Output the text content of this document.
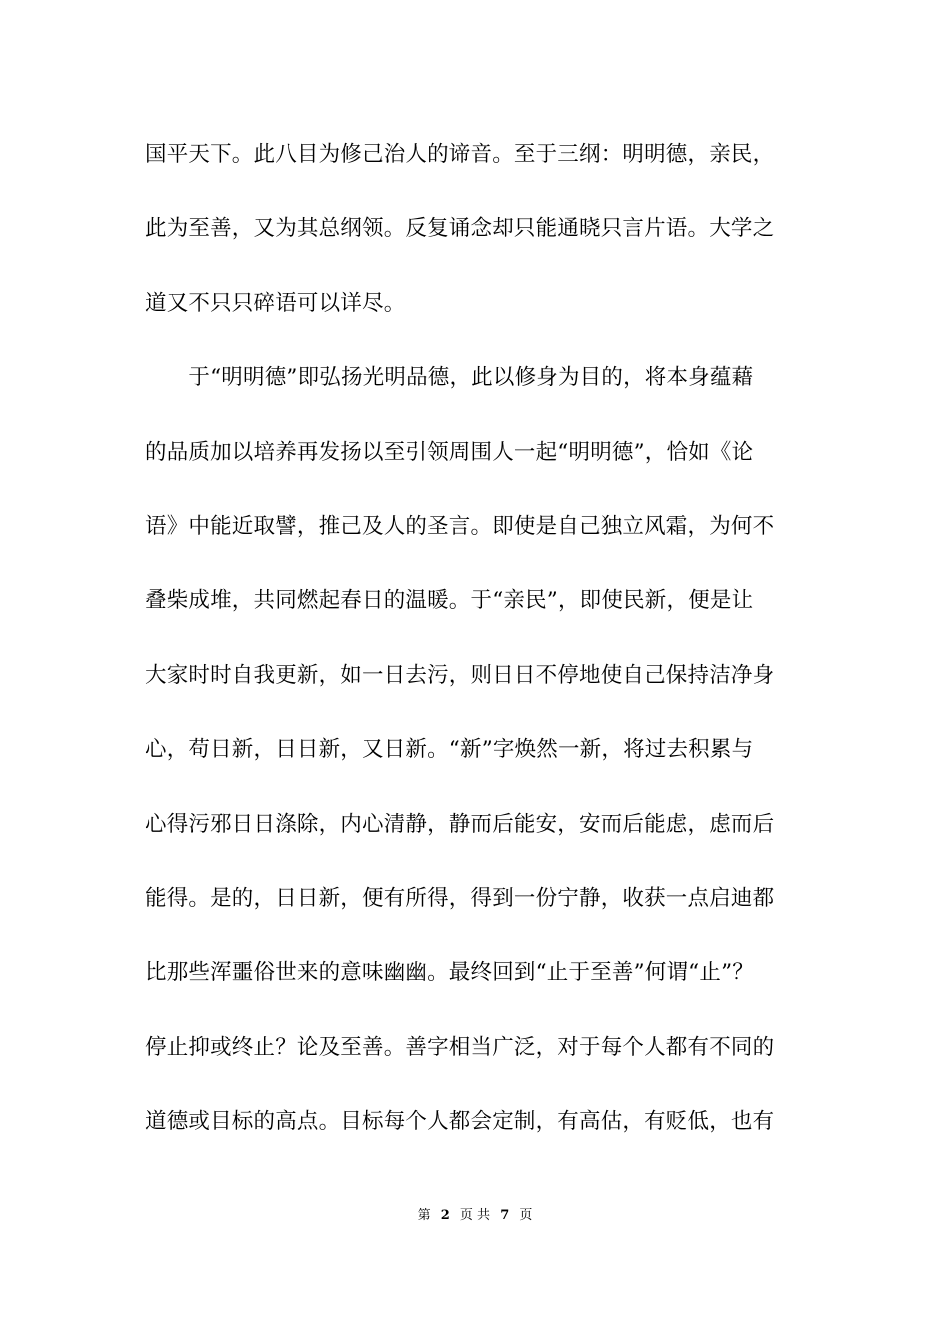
国平天下。此八目为修己治人的谛音。至于三纲：明明德，亲民，
此为至善，又为其总纲领。反复诵念却只能通晓只言片语。大学之
道又不只只碎语可以详尽。
　　于“明明德”即弘扬光明品德，此以修身为目的，将本身蕴藉
的品质加以培养再发扬以至引领周围人一起“明明德”，恰如《论
语》中能近取譬，推己及人的圣言。即使是自己独立风霜，为何不
叠柴成堆，共同燃起春日的温暖。于“亲民”，即使民新，便是让
大家时时自我更新，如一日去污，则日日不停地使自己保持洁净身
心，苟日新，日日新，又日新。“新”字焕然一新，将过去积累与
心得污邪日日涤除，内心清静，静而后能安，安而后能虑，虑而后
能得。是的，日日新，便有所得，得到一份宁静，收获一点启迪都
比那些浑噩俗世来的意味幽幽。最终回到“止于至善”何谓“止”？
停止抑或终止？论及至善。善字相当广泛，对于每个人都有不同的
道德或目标的高点。目标每个人都会定制，有高估，有贬低，也有
第 2 页 共 7 页
